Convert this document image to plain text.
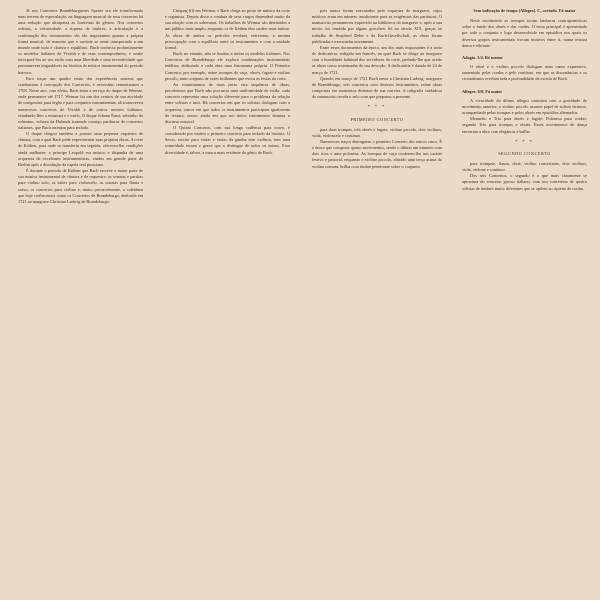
Já nos Concertos Brandeburgueses Spener era ele transformado num terreno de especulação; na linguagem musical de seus concertos há uma sedução que ultrapassa as fronteiras do gênero. Nos concertos solistas, a virtuosidade, a riqueza de timbres, a articulação e a combinação dos instrumentos são tão importantes quanto a própria forma musical, de maneira que o ouvinte se sente transportado a um mundo onde tudo é clareza e equilíbrio. Bach conhecia profundamente os modelos italianos de Vivaldi e de seus contemporâneos, e soube incorporá-los ao seu estilo com uma liberdade e uma inventividade que permanecem inigualáveis na história da música instrumental do período barroco.

Para traçar um quadro exato das experiências sonoras que conduziram à concepção dos Concertos, é necessário remontarmos a 1708. Nesse ano, com efeito, Bach entra a serviço do duque de Weimar, onde permanece até 1717. Weimar foi um dos centros de sua atividade de compositor para órgão e para conjuntos instrumentais; ali transcreveu numerosos concertos de Vivaldi e de outros mestres italianos, estudando-lhes a estrutura e o estilo. O duque Johann Ernst, sobrinho do soberano, voltava da Holanda trazendo consigo partituras de concertos italianos, que Bach arranjou para teclado.

O duque chegou também a possuir uma pequena orquestra de câmara, com a qual Bach pôde experimentar suas próprias obras. A corte de Köthen, para onde se transferiu em seguida, ofereceu-lhe condições ainda melhores: o príncipe Leopold era músico e dispunha de uma orquestra de excelentes instrumentistas, vindos em grande parte de Berlim após a dissolução da capela real prussiana.

É durante o período de Köthen que Bach escreve a maior parte de sua música instrumental de câmara e de orquestra: as sonatas e partitas para violino solo, as suítes para violoncelo, as sonatas para flauta e cravo, os concertos para violino e, muito provavelmente, a coletânea que hoje conhecemos como os Concertos de Brandeburgo, dedicada em 1721 ao margrave Christian Ludwig de Brandeburgo.

Cinqueg (fl) em Weimar, e Bach chega ao posto de músico da corte e organista. Depois disso a conduta de seus cargos dependerá muito da sua relação com os soberanos. Os trabalhos de Weimar são destinados a um público mais amplo, enquanto os de Köthen têm caráter mais íntimo. As obras de ambos os períodos revelam, entretanto, a mesma preocupação com o equilíbrio entre os instrumentos e com a unidade formal.

Bach, no entanto, não se limitou a imitar os modelos italianos. Nos Concertos de Brandeburgo ele explora combinações instrumentais inéditas, atribuindo a cada obra uma fisionomia própria. O Primeiro Concerto, por exemplo, reúne trompas de caça, oboés, fagote e violino piccolo, num conjunto de cores brilhantes que evoca as festas da corte.

Ao examinarmos de mais perto esta sequência de obras, percebemos que Bach não procurou uma uniformidade de estilo; cada concerto representa uma solução diferente para o problema da relação entre solistas e tutti. Há concertos em que os solistas dialogam com a orquestra, outros em que todos os instrumentos participam igualmente da textura, outros ainda em que um único instrumento domina o discurso musical.

O Quinto Concerto, com sua longa cadência para cravo, é considerado por muitos o primeiro concerto para teclado da história. O Sexto, escrito para violas e violas da gamba sem violinos, tem uma sonoridade escura e grave que o distingue de todos os outros. Essa diversidade é, talvez, a marca mais evidente do gênio de Bach.

pois nunca foram executados pela orquestra do margrave, cujos músicos eram em número insuficiente para as exigências das partituras. O manuscrito permaneceu esquecido na biblioteca do margrave e, após a sua morte, foi vendido por alguns groschen. Só no século XIX, graças ao trabalho de Siegfried Dehn e da Bach-Gesellschaft, as obras foram publicadas e executadas novamente.

Entre esses documentos da época, um dos mais importantes é a carta de dedicatória, redigida em francês, na qual Bach se dirige ao margrave com a humildade habitual dos servidores da corte, pedindo-lhe que aceite as obras como testemunho de sua devoção. A dedicatória é datada de 24 de março de 1721.

Quando em março de 1721 Bach envia a Christian Ludwig, margrave de Brandeburgo, seis concertos com diversos instrumentos, reúne obras compostas em momentos distintos de sua carreira. A caligrafia cuidadosa do manuscrito revela o zelo com que preparou o presente.

* * *

PRIMEIRO CONCERTO

para duas trompas, três oboés e fagote, violino piccolo, dois violinos, viola, violoncelo e contínuo.

Numerosos traços distinguem o primeiro Concerto dos outros cinco. É o único que comporta quatro movimentos, sendo o último um minueto com dois trios e uma polonesa. As trompas de caça conferem-lhe um caráter festivo e pastoral, enquanto o violino piccolo, afinado uma terça acima do violino comum, brilha com timbre penetrante sobre o conjunto.

Sem indicação de tempo (Allegro). C, cortado. Fá maior

Neste movimento as trompas tocam fanfarras contrapontísticas sobre o fundo dos oboés e das cordas. O tema principal é apresentado por todo o conjunto e logo desenvolvido em episódios nos quais os diversos grupos instrumentais trocam motivos entre si, numa textura densa e vibrante.

Adagio. 3/4. Ré menor

O oboé e o violino piccolo dialogam num canto expressivo, sustentado pelas cordas e pelo contínuo, em que as dissonâncias e os cromatismos revelam toda a profundidade da escrita de Bach.

Allegro. 6/8. Fá maior

A vivacidade do último allegro contrasta com a gravidade do movimento anterior; o violino piccolo assume papel de solista virtuose, acompanhado pelas trompas e pelos oboés em episódios alternados.

Menuetto e Trio para oboés e fagote; Polonesa para cordas; segundo Trio para trompas e oboés. Esses movimentos de dança encerram a obra com elegância e brilho.

* * *

SEGUNDO CONCERTO

para trompete, flauta, oboé, violino concertante, dois violinos, viola, violone e contínuo.

Dos seis Concertos, o segundo é o que mais claramente se aproxima do concerto grosso italiano, com um concertino de quatro solistas de timbres muito diferentes que se opõem ao ripieno de cordas.
